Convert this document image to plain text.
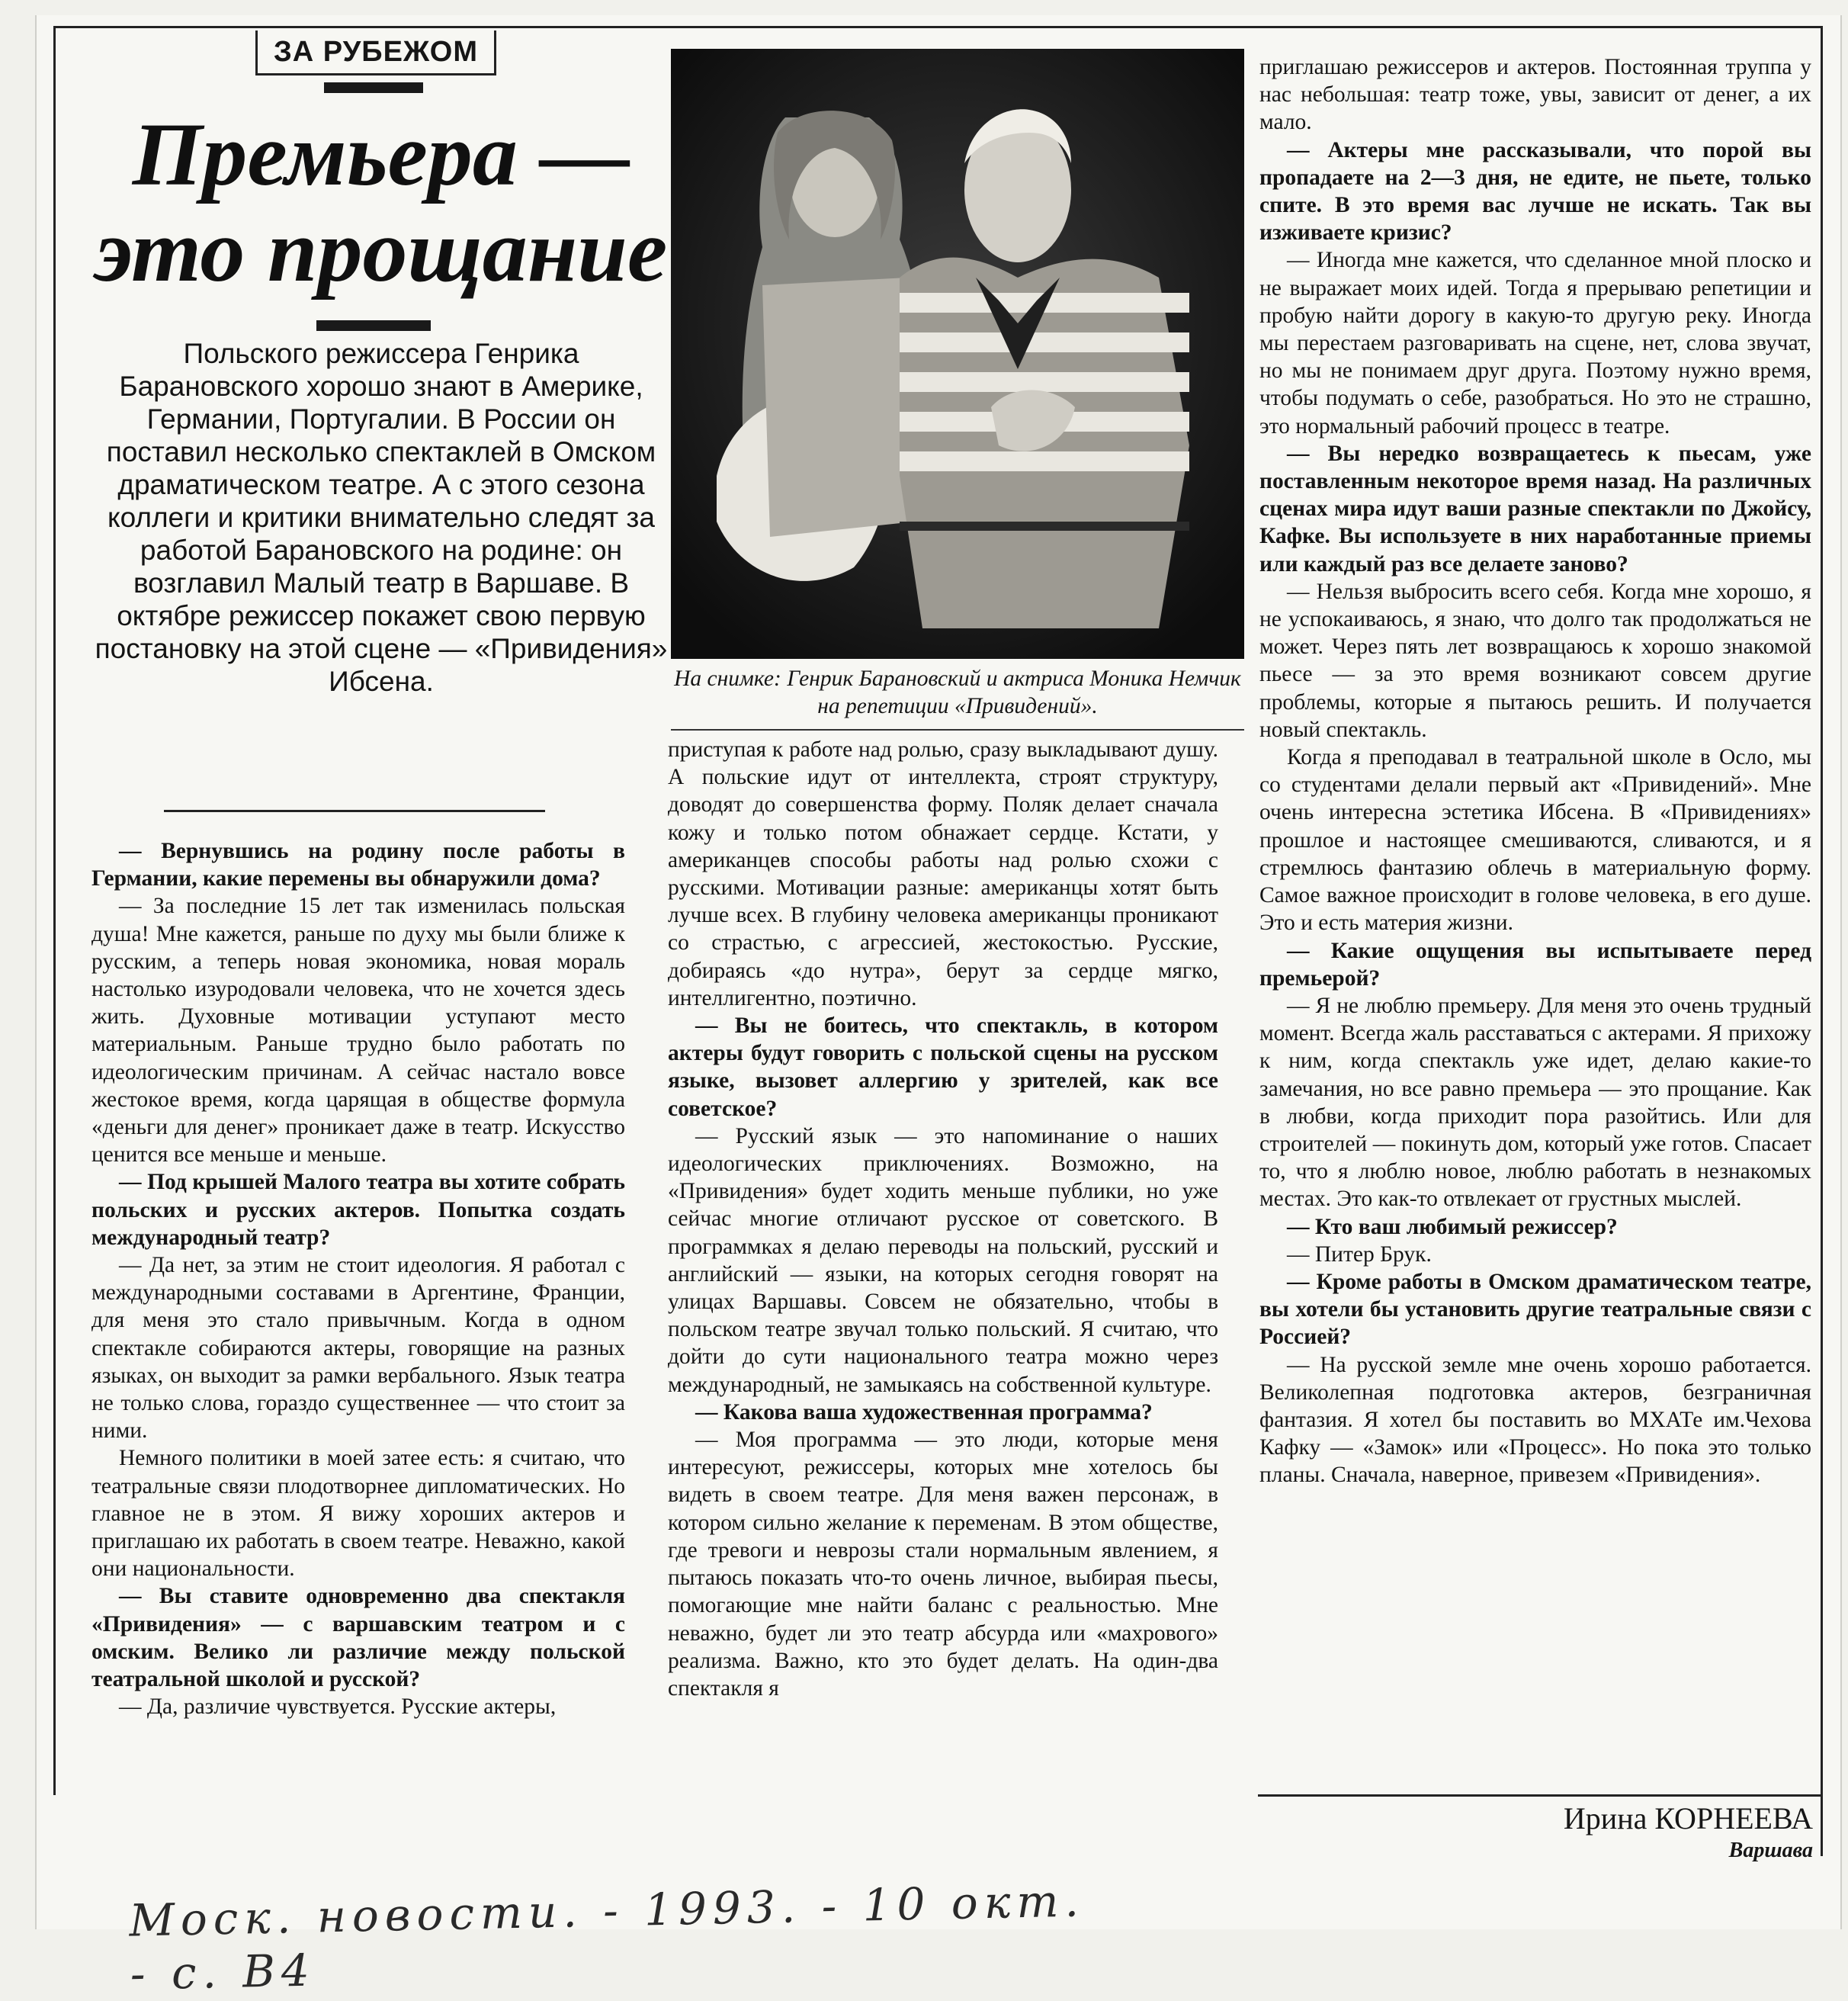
ЗА РУБЕЖОМ
Премьера —
это прощание
Польского режиссера Генрика Барановского хорошо знают в Америке, Германии, Португалии. В России он поставил несколько спектаклей в Омском драматическом театре. А с этого сезона коллеги и критики внимательно следят за работой Барановского на родине: он возглавил Малый театр в Варшаве. В октябре режиссер покажет свою первую постановку на этой сцене — «Привидения» Ибсена.	На снимке: Генрик Барановский и актриса Моника Немчик на репетиции «Привидений».

— Вернувшись на родину после работы в Германии, какие перемены вы обнаружили дома?

— За последние 15 лет так изменилась польская душа! Мне кажется, раньше по духу мы были ближе к русским, а теперь новая экономика, новая мораль настолько изуродовали человека, что не хочется здесь жить. Духовные мотивации уступают место материальным. Раньше трудно было работать по идеологическим причинам. А сейчас настало вовсе жестокое время, когда царящая в обществе формула «деньги для денег» проникает даже в театр. Искусство ценится все меньше и меньше.

— Под крышей Малого театра вы хотите собрать польских и русских актеров. Попытка создать международный театр?

— Да нет, за этим не стоит идеология. Я работал с международными составами в Аргентине, Франции, для меня это стало привычным. Когда в одном спектакле собираются актеры, говорящие на разных языках, он выходит за рамки вербального. Язык театра не только слова, гораздо существеннее — что стоит за ними.

Немного политики в моей затее есть: я считаю, что театральные связи плодотворнее дипломатических. Но главное не в этом. Я вижу хороших актеров и приглашаю их работать в своем театре. Неважно, какой они национальности.

— Вы ставите одновременно два спектакля «Привидения» — с варшавским театром и с омским. Велико ли различие между польской театральной школой и русской?

— Да, различие чувствуется. Русские актеры,

приступая к работе над ролью, сразу выкладывают душу. А польские идут от интеллекта, строят структуру, доводят до совершенства форму. Поляк делает сначала кожу и только потом обнажает сердце. Кстати, у американцев способы работы над ролью схожи с русскими. Мотивации разные: американцы хотят быть лучше всех. В глубину человека американцы проникают со страстью, с агрессией, жестокостью. Русские, добираясь «до нутра», берут за сердце мягко, интеллигентно, поэтично.

— Вы не боитесь, что спектакль, в котором актеры будут говорить с польской сцены на русском языке, вызовет аллергию у зрителей, как все советское?

— Русский язык — это напоминание о наших идеологических приключениях. Возможно, на «Привидения» будет ходить меньше публики, но уже сейчас многие отличают русское от советского. В программках я делаю переводы на польский, русский и английский — языки, на которых сегодня говорят на улицах Варшавы. Совсем не обязательно, чтобы в польском театре звучал только польский. Я считаю, что дойти до сути национального театра можно через международный, не замыкаясь на собственной культуре.

— Какова ваша художественная программа?

— Моя программа — это люди, которые меня интересуют, режиссеры, которых мне хотелось бы видеть в своем театре. Для меня важен персонаж, в котором сильно желание к переменам. В этом обществе, где тревоги и неврозы стали нормальным явлением, я пытаюсь показать что-то очень личное, выбирая пьесы, помогающие мне найти баланс с реальностью. Мне неважно, будет ли это театр абсурда или «махрового» реализма. Важно, кто это будет делать. На один-два спектакля я

приглашаю режиссеров и актеров. Постоянная труппа у нас небольшая: театр тоже, увы, зависит от денег, а их мало.

— Актеры мне рассказывали, что порой вы пропадаете на 2—3 дня, не едите, не пьете, только спите. В это время вас лучше не искать. Так вы изживаете кризис?

— Иногда мне кажется, что сделанное мной плоско и не выражает моих идей. Тогда я прерываю репетиции и пробую найти дорогу в какую-то другую реку. Иногда мы перестаем разговаривать на сцене, нет, слова звучат, но мы не понимаем друг друга. Поэтому нужно время, чтобы подумать о себе, разобраться. Но это не страшно, это нормальный рабочий процесс в театре.

— Вы нередко возвращаетесь к пьесам, уже поставленным некоторое время назад. На различных сценах мира идут ваши разные спектакли по Джойсу, Кафке. Вы используете в них наработанные приемы или каждый раз все делаете заново?

— Нельзя выбросить всего себя. Когда мне хорошо, я не успокаиваюсь, я знаю, что долго так продолжаться не может. Через пять лет возвращаюсь к хорошо знакомой пьесе — за это время возникают совсем другие проблемы, которые я пытаюсь решить. И получается новый спектакль.

Когда я преподавал в театральной школе в Осло, мы со студентами делали первый акт «Привидений». Мне очень интересна эстетика Ибсена. В «Привидениях» прошлое и настоящее смешиваются, сливаются, и я стремлюсь фантазию облечь в материальную форму. Самое важное происходит в голове человека, в его душе. Это и есть материя жизни.

— Какие ощущения вы испытываете перед премьерой?

— Я не люблю премьеру. Для меня это очень трудный момент. Всегда жаль расставаться с актерами. Я прихожу к ним, когда спектакль уже идет, делаю какие-то замечания, но все равно премьера — это прощание. Как в любви, когда приходит пора разойтись. Или для строителей — покинуть дом, который уже готов. Спасает то, что я люблю новое, люблю работать в незнакомых местах. Это как-то отвлекает от грустных мыслей.

— Кто ваш любимый режиссер?

— Питер Брук.

— Кроме работы в Омском драматическом театре, вы хотели бы установить другие театральные связи с Россией?

— На русской земле мне очень хорошо работается. Великолепная подготовка актеров, безграничная фантазия. Я хотел бы поставить во МХАТе им.Чехова Кафку — «Замок» или «Процесс». Но пока это только планы. Сначала, наверное, привезем «Привидения».

Ирина КОРНЕЕВА
Варшава
Моск. новости. - 1993. - 10 окт. - с. В4
